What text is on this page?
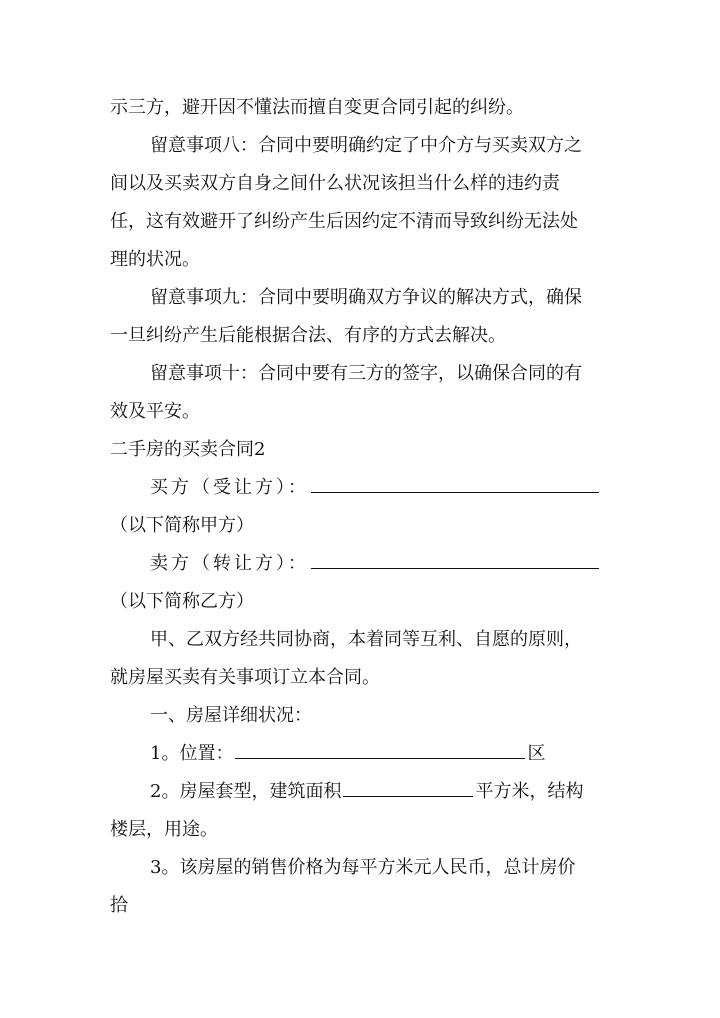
示三方，避开因不懂法而擅自变更合同引起的纠纷。
留意事项八：合同中要明确约定了中介方与买卖双方之
间以及买卖双方自身之间什么状况该担当什么样的违约责
任，这有效避开了纠纷产生后因约定不清而导致纠纷无法处
理的状况。
留意事项九：合同中要明确双方争议的解决方式，确保
一旦纠纷产生后能根据合法、有序的方式去解决。
留意事项十：合同中要有三方的签字，以确保合同的有
效及平安。
二手房的买卖合同2
买方（受让方）：
（以下简称甲方）
卖方（转让方）：
（以下简称乙方）
甲、乙双方经共同协商，本着同等互利、自愿的原则，
就房屋买卖有关事项订立本合同。
一、房屋详细状况：
1。位置：	区
2。房屋套型，建筑面积	平方米，结构
楼层，用途。
3。该房屋的销售价格为每平方米元人民币，总计房价
拾
